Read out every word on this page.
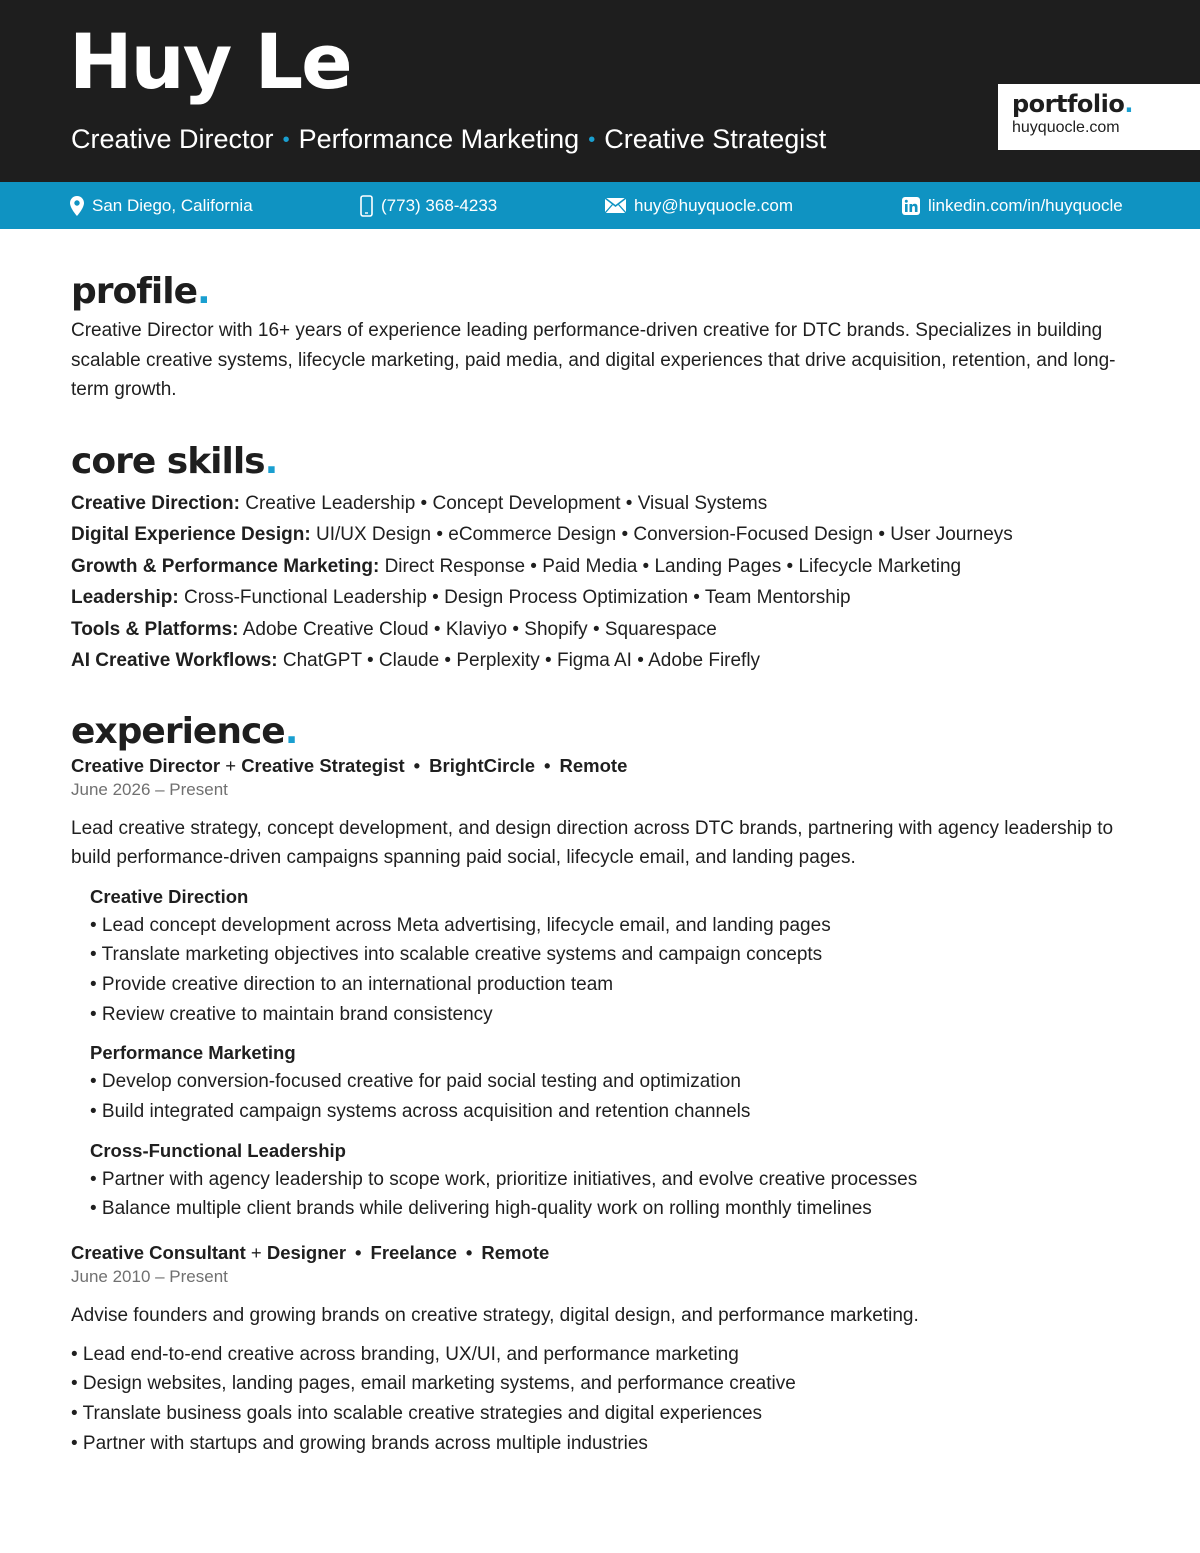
Huy Le
Creative Director • Performance Marketing • Creative Strategist
portfolio.
huyquocle.com
San Diego, California	(773) 368-4233	huy@huyquocle.com	linkedin.com/in/huyquocle
profile.

Creative Director with 16+ years of experience leading performance-driven creative for DTC brands. Specializes in building scalable creative systems, lifecycle marketing, paid media, and digital experiences that drive acquisition, retention, and long-term growth.

core skills.
Creative Direction: Creative Leadership • Concept Development • Visual Systems
Digital Experience Design: UI/UX Design • eCommerce Design • Conversion-Focused Design • User Journeys
Growth & Performance Marketing: Direct Response • Paid Media • Landing Pages • Lifecycle Marketing
Leadership: Cross-Functional Leadership • Design Process Optimization • Team Mentorship
Tools & Platforms: Adobe Creative Cloud • Klaviyo • Shopify • Squarespace
AI Creative Workflows: ChatGPT • Claude • Perplexity • Figma AI • Adobe Firefly
experience.
Creative Director + Creative Strategist • BrightCircle • Remote
June 2026 – Present

Lead creative strategy, concept development, and design direction across DTC brands, partnering with agency leadership to build performance-driven campaigns spanning paid social, lifecycle email, and landing pages.

Creative Direction
• Lead concept development across Meta advertising, lifecycle email, and landing pages
• Translate marketing objectives into scalable creative systems and campaign concepts
• Provide creative direction to an international production team
• Review creative to maintain brand consistency
Performance Marketing
• Develop conversion-focused creative for paid social testing and optimization
• Build integrated campaign systems across acquisition and retention channels
Cross-Functional Leadership
• Partner with agency leadership to scope work, prioritize initiatives, and evolve creative processes
• Balance multiple client brands while delivering high-quality work on rolling monthly timelines
Creative Consultant + Designer • Freelance • Remote
June 2010 – Present

Advise founders and growing brands on creative strategy, digital design, and performance marketing.

• Lead end-to-end creative across branding, UX/UI, and performance marketing
• Design websites, landing pages, email marketing systems, and performance creative
• Translate business goals into scalable creative strategies and digital experiences
• Partner with startups and growing brands across multiple industries
